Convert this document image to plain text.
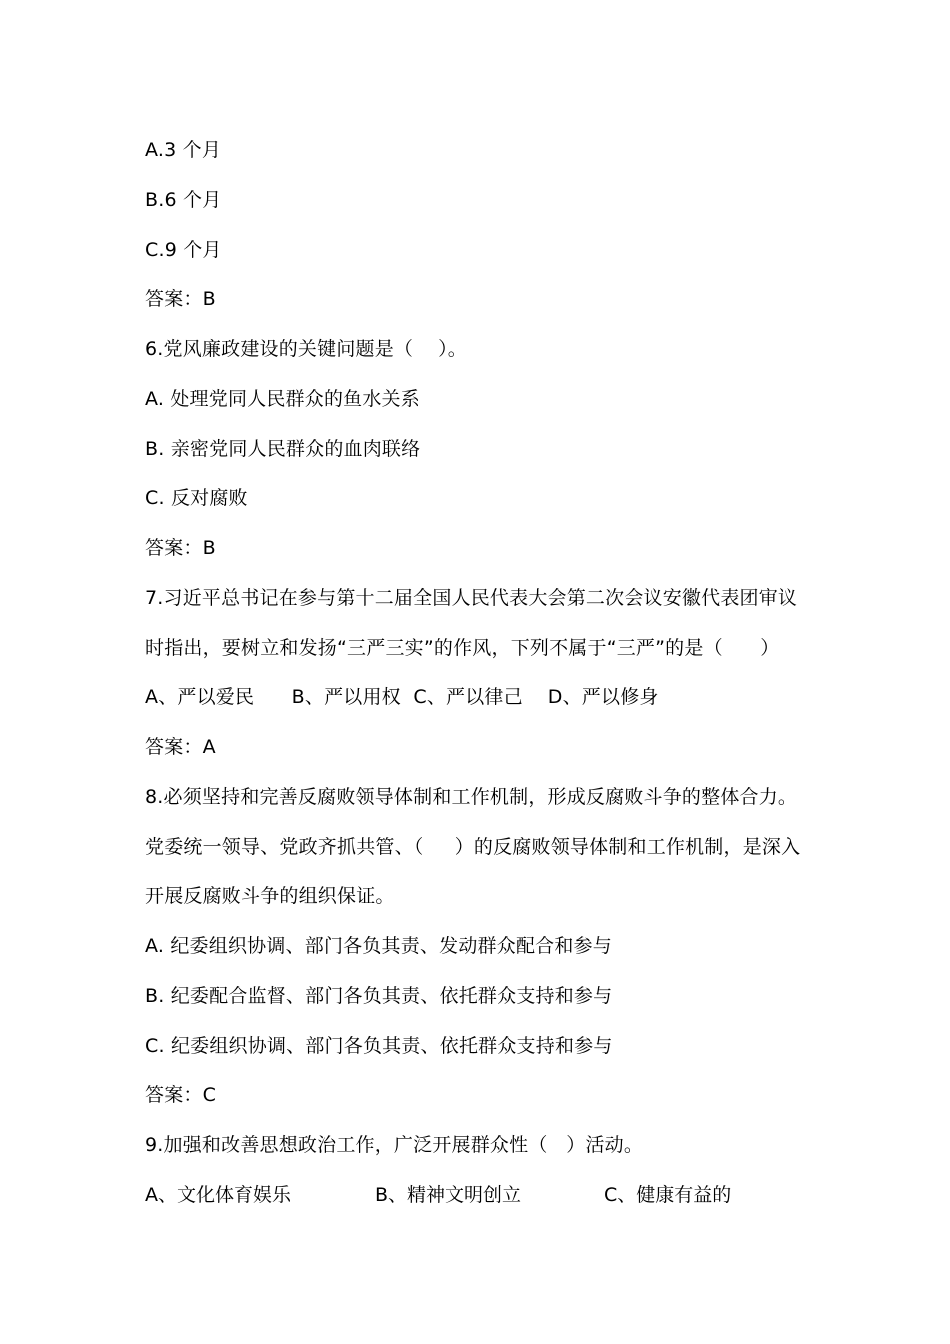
A.3 个月
B.6 个月
C.9 个月
答案：B
6.党风廉政建设的关键问题是（    ）。
A. 处理党同人民群众的鱼水关系
B. 亲密党同人民群众的血肉联络
C. 反对腐败
答案：B
7.习近平总书记在参与第十二届全国人民代表大会第二次会议安徽代表团审议
时指出，要树立和发扬“三严三实”的作风，下列不属于“三严”的是（      ）
A、严以爱民      B、严以用权  C、严以律己    D、严以修身
答案：A
8.必须坚持和完善反腐败领导体制和工作机制，形成反腐败斗争的整体合力。
党委统一领导、党政齐抓共管、（     ）的反腐败领导体制和工作机制，是深入
开展反腐败斗争的组织保证。
A. 纪委组织协调、部门各负其责、发动群众配合和参与
B. 纪委配合监督、部门各负其责、依托群众支持和参与
C. 纪委组织协调、部门各负其责、依托群众支持和参与
答案：C
9.加强和改善思想政治工作，广泛开展群众性（   ）活动。
A、文化体育娱乐	B、精神文明创立	C、健康有益的
